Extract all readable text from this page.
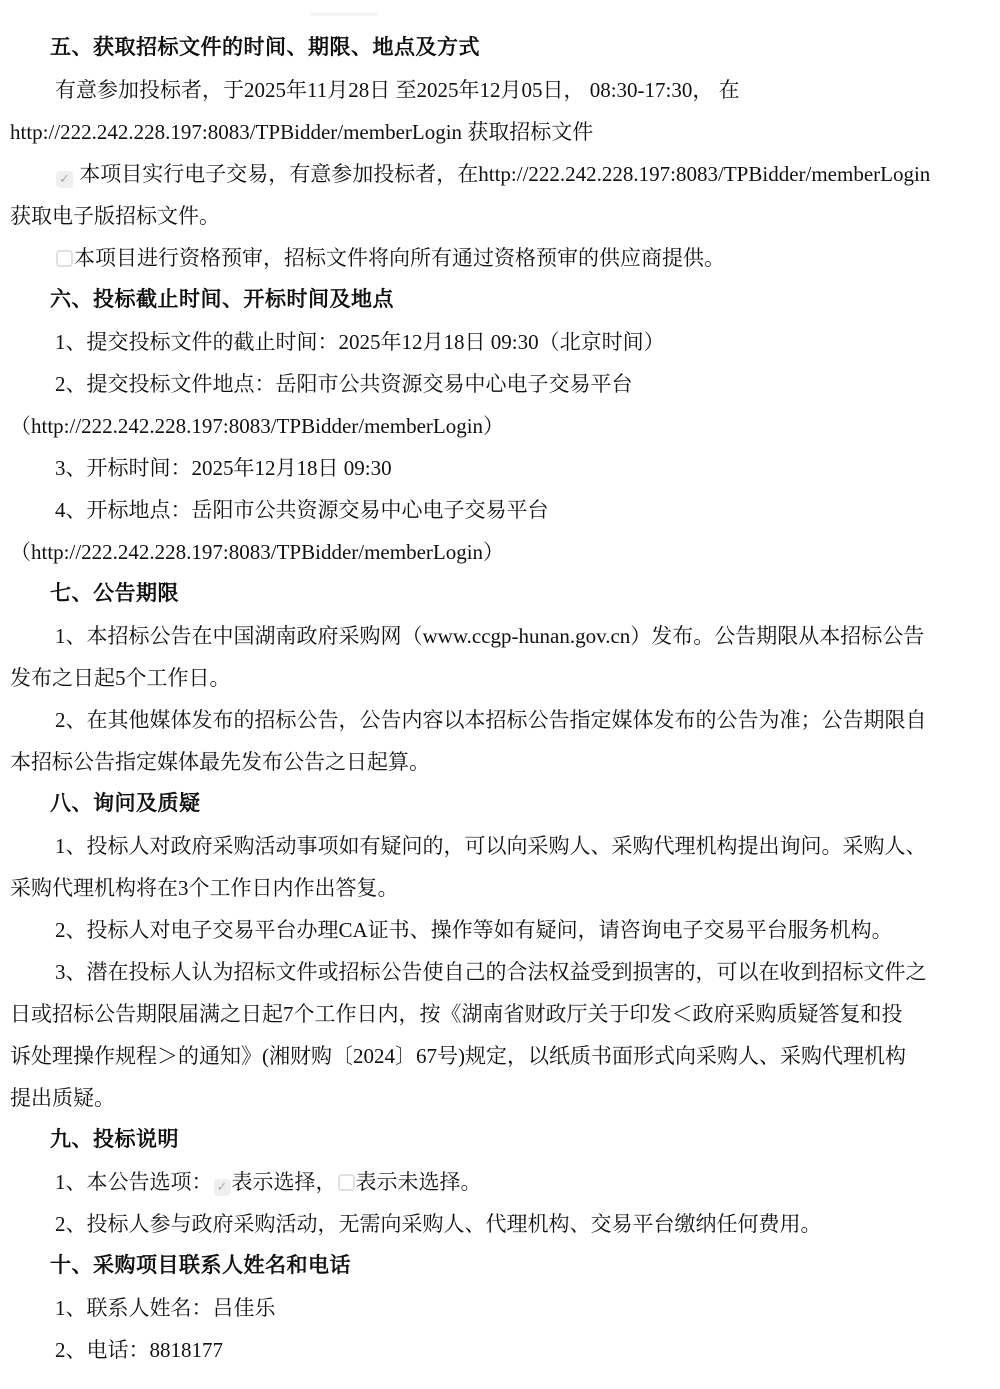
五、获取招标文件的时间、期限、地点及方式
有意参加投标者，于2025年11月28日 至2025年12月05日， 08:30-17:30， 在
http://222.242.228.197:8083/TPBidder/memberLogin 获取招标文件
✓ 本项目实行电子交易，有意参加投标者，在http://222.242.228.197:8083/TPBidder/memberLogin
获取电子版招标文件。
本项目进行资格预审，招标文件将向所有通过资格预审的供应商提供。
六、投标截止时间、开标时间及地点
1、提交投标文件的截止时间：2025年12月18日 09:30（北京时间）
2、提交投标文件地点：岳阳市公共资源交易中心电子交易平台
（http://222.242.228.197:8083/TPBidder/memberLogin）
3、开标时间：2025年12月18日 09:30
4、开标地点：岳阳市公共资源交易中心电子交易平台
（http://222.242.228.197:8083/TPBidder/memberLogin）
七、公告期限
1、本招标公告在中国湖南政府采购网（www.ccgp-hunan.gov.cn）发布。公告期限从本招标公告
发布之日起5个工作日。
2、在其他媒体发布的招标公告，公告内容以本招标公告指定媒体发布的公告为准；公告期限自
本招标公告指定媒体最先发布公告之日起算。
八、询问及质疑
1、投标人对政府采购活动事项如有疑问的，可以向采购人、采购代理机构提出询问。采购人、
采购代理机构将在3个工作日内作出答复。
2、投标人对电子交易平台办理CA证书、操作等如有疑问，请咨询电子交易平台服务机构。
3、潜在投标人认为招标文件或招标公告使自己的合法权益受到损害的，可以在收到招标文件之
日或招标公告期限届满之日起7个工作日内，按《湖南省财政厅关于印发＜政府采购质疑答复和投
诉处理操作规程＞的通知》(湘财购〔2024〕67号)规定，以纸质书面形式向采购人、采购代理机构
提出质疑。
九、投标说明
1、本公告选项： ✓ 表示选择， 表示未选择。
2、投标人参与政府采购活动，无需向采购人、代理机构、交易平台缴纳任何费用。
十、采购项目联系人姓名和电话
1、联系人姓名：吕佳乐
2、电话：8818177
